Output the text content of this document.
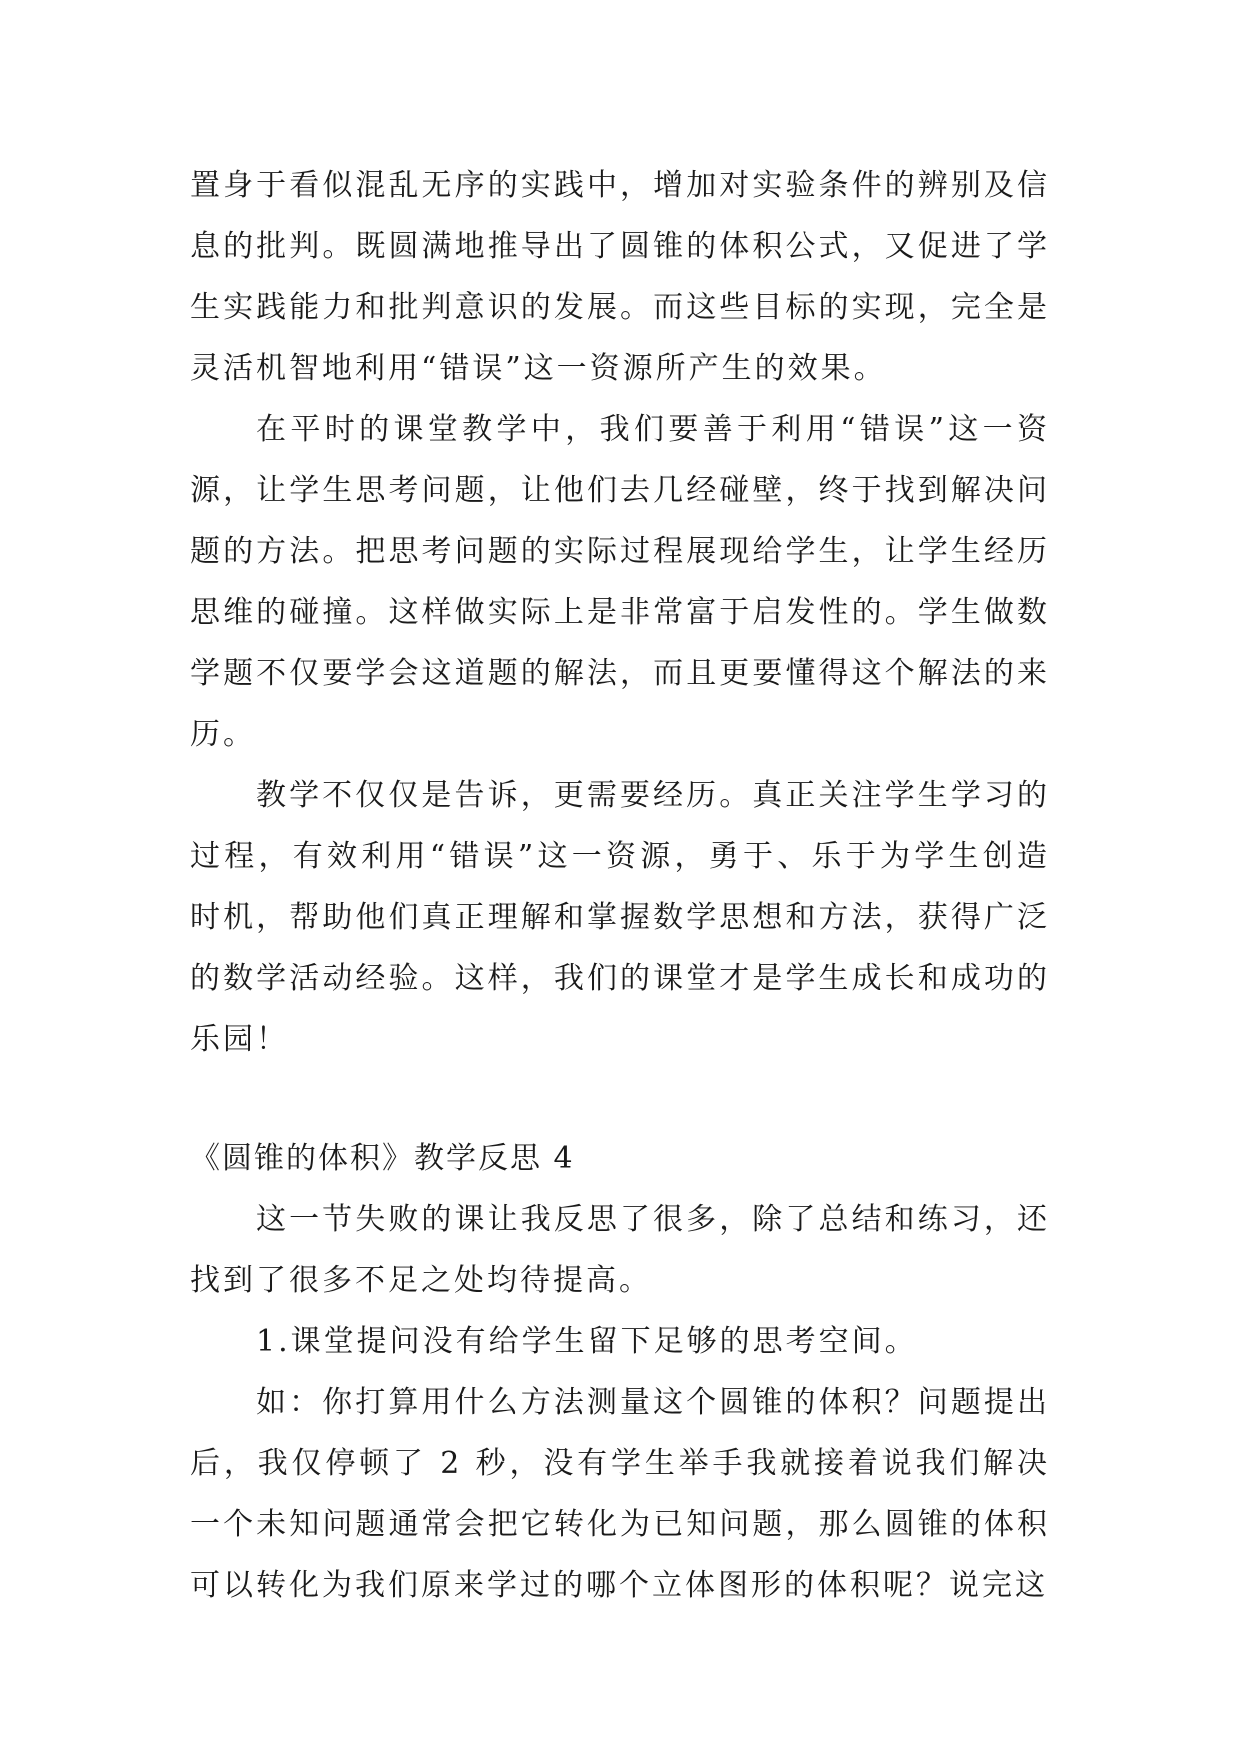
置身于看似混乱无序的实践中，增加对实验条件的辨别及信息的批判。既圆满地推导出了圆锥的体积公式，又促进了学生实践能力和批判意识的发展。而这些目标的实现，完全是灵活机智地利用“错误”这一资源所产生的效果。

在平时的课堂教学中，我们要善于利用“错误”这一资源，让学生思考问题，让他们去几经碰壁，终于找到解决问题的方法。把思考问题的实际过程展现给学生，让学生经历思维的碰撞。这样做实际上是非常富于启发性的。学生做数学题不仅要学会这道题的解法，而且更要懂得这个解法的来历。

教学不仅仅是告诉，更需要经历。真正关注学生学习的过程，有效利用“错误”这一资源，勇于、乐于为学生创造时机，帮助他们真正理解和掌握数学思想和方法，获得广泛的数学活动经验。这样，我们的课堂才是学生成长和成功的乐园！

《圆锥的体积》教学反思 4

这一节失败的课让我反思了很多，除了总结和练习，还找到了很多不足之处均待提高。

1.课堂提问没有给学生留下足够的思考空间。

如：你打算用什么方法测量这个圆锥的体积？问题提出后，我仅停顿了 2 秒，没有学生举手我就接着说我们解决一个未知问题通常会把它转化为已知问题，那么圆锥的体积可以转化为我们原来学过的哪个立体图形的体积呢？说完这
